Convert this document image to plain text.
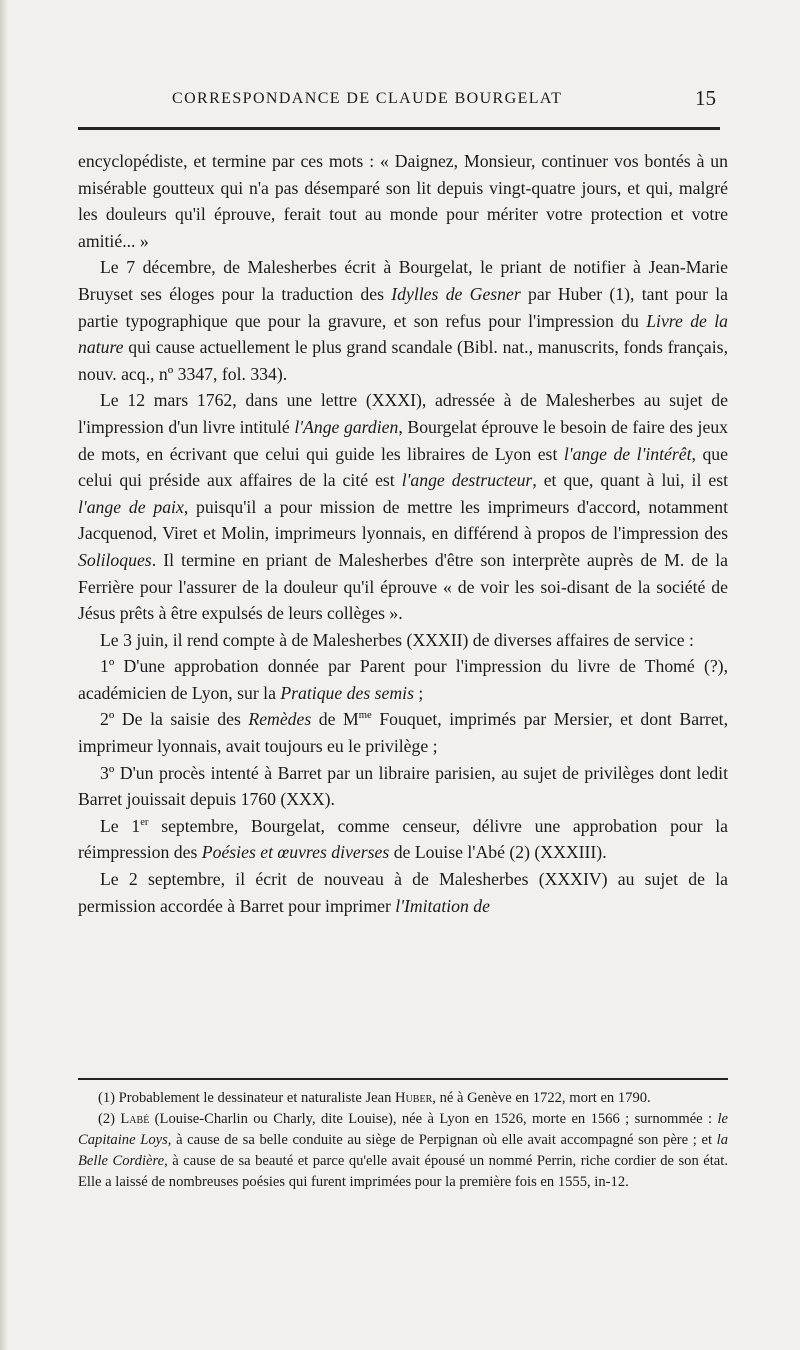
CORRESPONDANCE DE CLAUDE BOURGELAT	15

encyclopédiste, et termine par ces mots : « Daignez, Monsieur, continuer vos bontés à un misérable goutteux qui n'a pas désemparé son lit depuis vingt-quatre jours, et qui, malgré les douleurs qu'il éprouve, ferait tout au monde pour mériter votre protection et votre amitié... »

Le 7 décembre, de Malesherbes écrit à Bourgelat, le priant de notifier à Jean-Marie Bruyset ses éloges pour la traduction des Idylles de Gesner par Huber (1), tant pour la partie typographique que pour la gravure, et son refus pour l'impression du Livre de la nature qui cause actuellement le plus grand scandale (Bibl. nat., manuscrits, fonds français, nouv. acq., nº 3347, fol. 334).

Le 12 mars 1762, dans une lettre (XXXI), adressée à de Malesherbes au sujet de l'impression d'un livre intitulé l'Ange gardien, Bourgelat éprouve le besoin de faire des jeux de mots, en écrivant que celui qui guide les libraires de Lyon est l'ange de l'intérêt, que celui qui préside aux affaires de la cité est l'ange destructeur, et que, quant à lui, il est l'ange de paix, puisqu'il a pour mission de mettre les imprimeurs d'accord, notamment Jacquenod, Viret et Molin, imprimeurs lyonnais, en différend à propos de l'impression des Soliloques. Il termine en priant de Malesherbes d'être son interprète auprès de M. de la Ferrière pour l'assurer de la douleur qu'il éprouve « de voir les soi-disant de la société de Jésus prêts à être expulsés de leurs collèges ».

Le 3 juin, il rend compte à de Malesherbes (XXXII) de diverses affaires de service :

1º D'une approbation donnée par Parent pour l'impression du livre de Thomé (?), académicien de Lyon, sur la Pratique des semis ;

2º De la saisie des Remèdes de $M^{me}$ Fouquet, imprimés par Mersier, et dont Barret, imprimeur lyonnais, avait toujours eu le privilège ;

3º D'un procès intenté à Barret par un libraire parisien, au sujet de privilèges dont ledit Barret jouissait depuis 1760 (XXX).

Le 1er septembre, Bourgelat, comme censeur, délivre une approbation pour la réimpression des Poésies et œuvres diverses de Louise l'Abé (2) (XXXIII).

Le 2 septembre, il écrit de nouveau à de Malesherbes (XXXIV) au sujet de la permission accordée à Barret pour imprimer l'Imitation de

(1) Probablement le dessinateur et naturaliste Jean Huber, né à Genève en 1722, mort en 1790.

(2) Labé (Louise-Charlin ou Charly, dite Louise), née à Lyon en 1526, morte en 1566 ; surnommée : le Capitaine Loys, à cause de sa belle conduite au siège de Perpignan où elle avait accompagné son père ; et la Belle Cordière, à cause de sa beauté et parce qu'elle avait épousé un nommé Perrin, riche cordier de son état. Elle a laissé de nombreuses poésies qui furent imprimées pour la première fois en 1555, in-12.
